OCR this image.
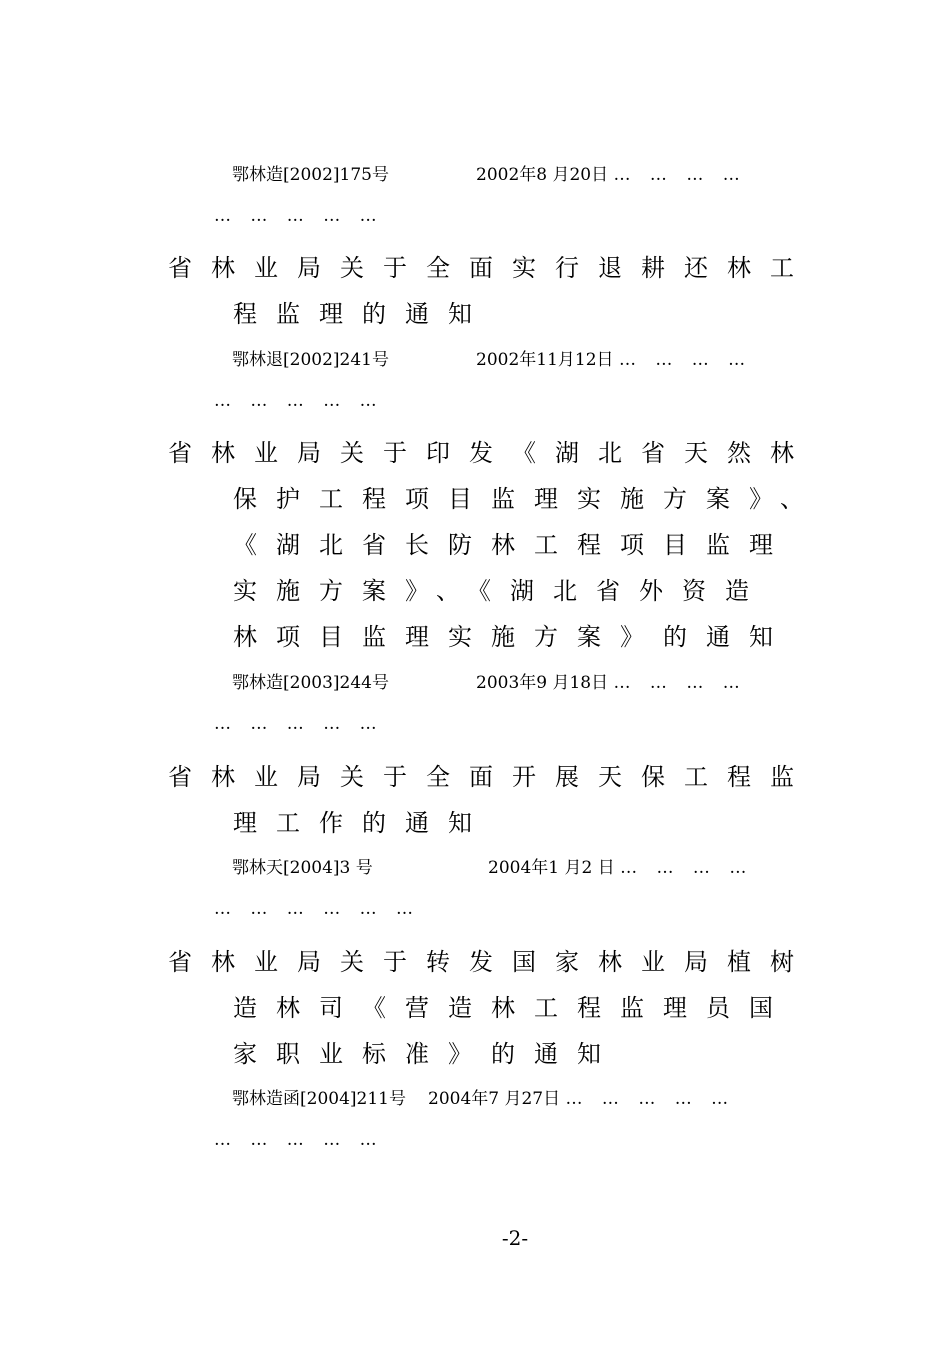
鄂林造[2002]175号	2002年8 月20日 … … … …
… … … … …
省林业局关于全面实行退耕还林工
程监理的通知
鄂林退[2002]241号	2002年11月12日 … … … …
… … … … …
省林业局关于印发《湖北省天然林
保护工程项目监理实施方案》、
《湖北省长防林工程项目监理
实施方案》、《湖北省外资造
林项目监理实施方案》的通知
鄂林造[2003]244号	2003年9 月18日 … … … …
… … … … …
省林业局关于全面开展天保工程监
理工作的通知
鄂林天[2004]3 号	2004年1 月2 日 … … … …
… … … … … …
省林业局关于转发国家林业局植树
造林司《营造林工程监理员国
家职业标准》的通知
鄂林造函[2004]211号 2004年7 月27日 … … … … …
… … … … …
-2-
